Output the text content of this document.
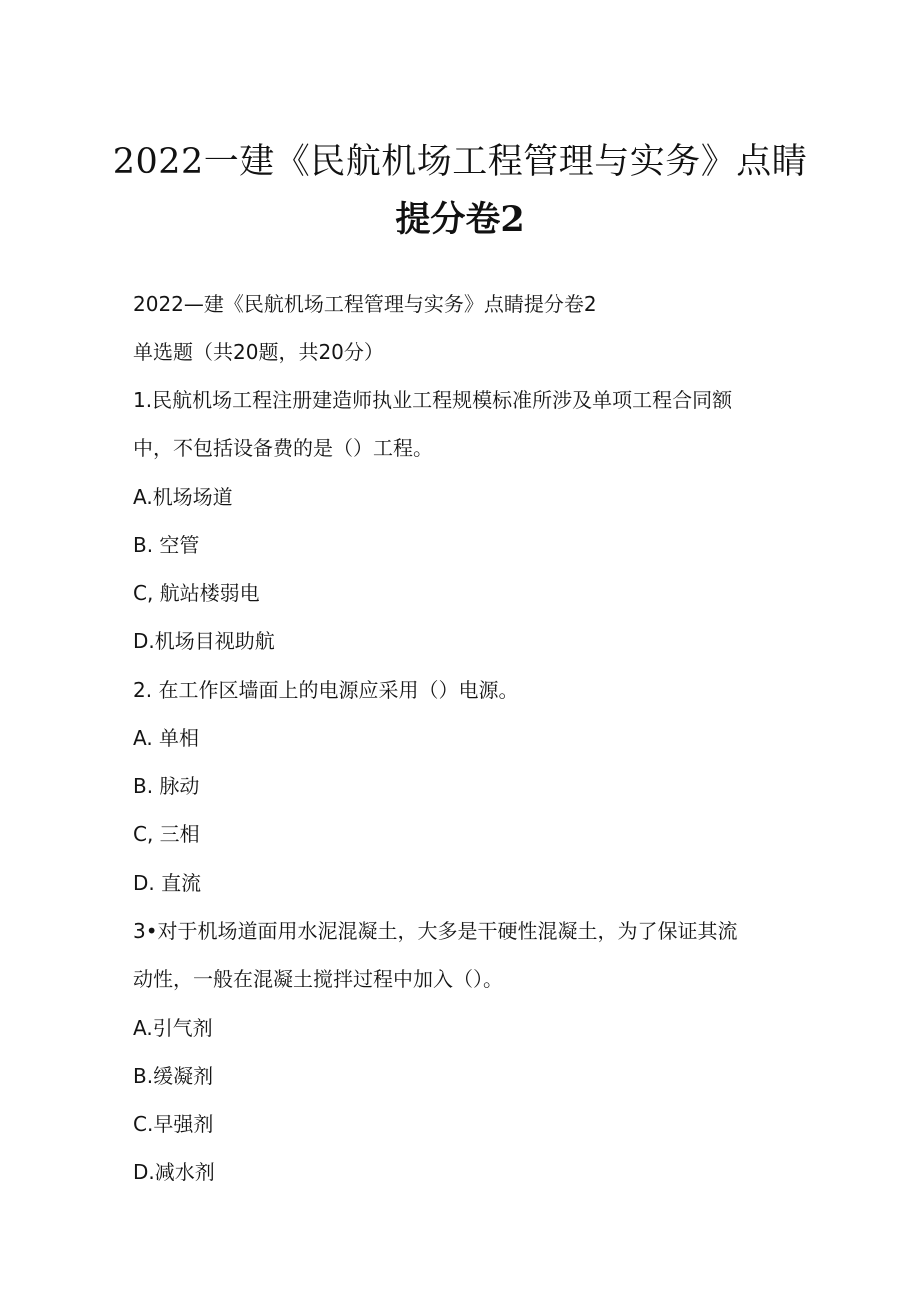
2022一建《民航机场工程管理与实务》点睛
提分卷2

2022—建《民航机场工程管理与实务》点睛提分卷2

单选题（共20题，共20分）

1.民航机场工程注册建造师执业工程规模标准所涉及单项工程合同额

中，不包括设备费的是（）工程。

A.机场场道

B. 空管

C, 航站楼弱电

D.机场目视助航

2. 在工作区墙面上的电源应采用（）电源。

A. 单相

B. 脉动

C, 三相

D. 直流

3•对于机场道面用水泥混凝土，大多是干硬性混凝土，为了保证其流

动性，一般在混凝土搅拌过程中加入（）。

A.引气剂

B.缓凝剂

C.早强剂

D.减水剂
